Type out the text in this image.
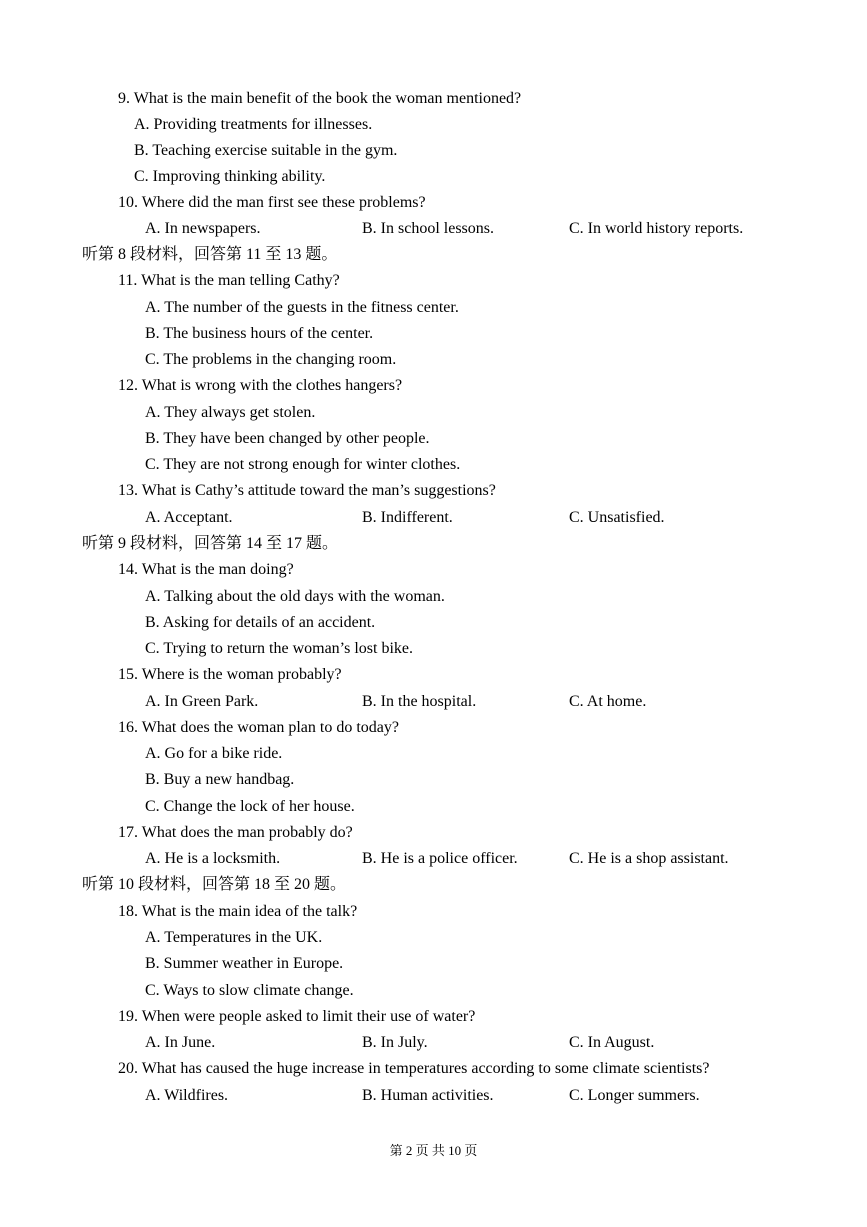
9. What is the main benefit of the book the woman mentioned?
A. Providing treatments for illnesses.
B. Teaching exercise suitable in the gym.
C. Improving thinking ability.
10. Where did the man first see these problems?
A. In newspapers.	B. In school lessons.	C. In world history reports.
听第 8 段材料，回答第 11 至 13 题。
11. What is the man telling Cathy?
A. The number of the guests in the fitness center.
B. The business hours of the center.
C. The problems in the changing room.
12. What is wrong with the clothes hangers?
A. They always get stolen.
B. They have been changed by other people.
C. They are not strong enough for winter clothes.
13. What is Cathy’s attitude toward the man’s suggestions?
A. Acceptant.	B. Indifferent.	C. Unsatisfied.
听第 9 段材料，回答第 14 至 17 题。
14. What is the man doing?
A. Talking about the old days with the woman.
B. Asking for details of an accident.
C. Trying to return the woman’s lost bike.
15. Where is the woman probably?
A. In Green Park.	B. In the hospital.	C. At home.
16. What does the woman plan to do today?
A. Go for a bike ride.
B. Buy a new handbag.
C. Change the lock of her house.
17. What does the man probably do?
A. He is a locksmith.	B. He is a police officer.	C. He is a shop assistant.
听第 10 段材料，回答第 18 至 20 题。
18. What is the main idea of the talk?
A. Temperatures in the UK.
B. Summer weather in Europe.
C. Ways to slow climate change.
19. When were people asked to limit their use of water?
A. In June.	B. In July.	C. In August.
20. What has caused the huge increase in temperatures according to some climate scientists?
A. Wildfires.	B. Human activities.	C. Longer summers.
第 2 页 共 10 页
